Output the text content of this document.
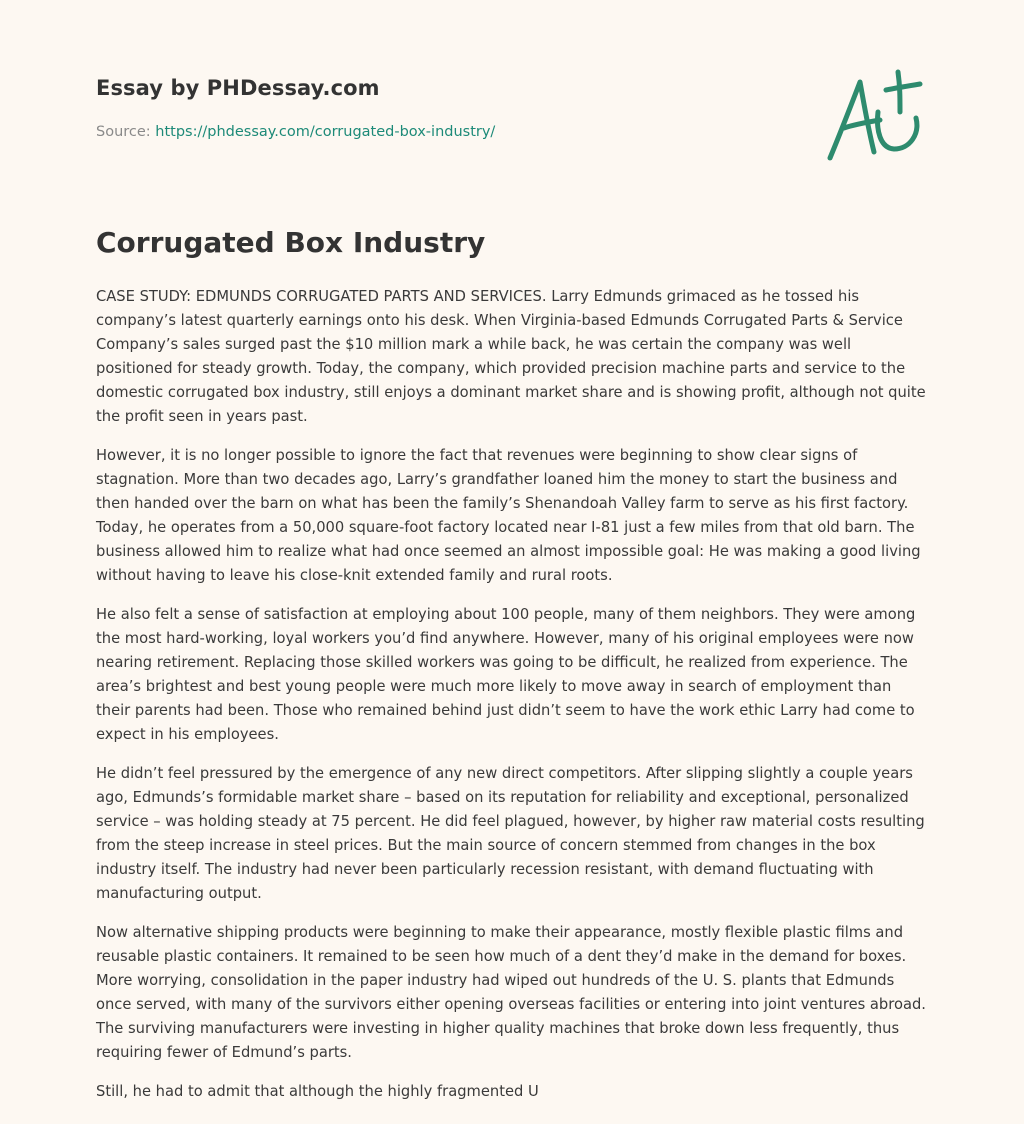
Essay by PHDessay.com
Source: https://phdessay.com/corrugated-box-industry/
Corrugated Box Industry

CASE STUDY: EDMUNDS CORRUGATED PARTS AND SERVICES. Larry Edmunds grimaced as he tossed his company’s latest quarterly earnings onto his desk. When Virginia-based Edmunds Corrugated Parts & Service Company’s sales surged past the $10 million mark a while back, he was certain the company was well positioned for steady growth. Today, the company, which provided precision machine parts and service to the domestic corrugated box industry, still enjoys a dominant market share and is showing profit, although not quite the profit seen in years past.

However, it is no longer possible to ignore the fact that revenues were beginning to show clear signs of stagnation. More than two decades ago, Larry’s grandfather loaned him the money to start the business and then handed over the barn on what has been the family’s Shenandoah Valley farm to serve as his first factory. Today, he operates from a 50,000 square-foot factory located near I-81 just a few miles from that old barn. The business allowed him to realize what had once seemed an almost impossible goal: He was making a good living without having to leave his close-knit extended family and rural roots.

He also felt a sense of satisfaction at employing about 100 people, many of them neighbors. They were among the most hard-working, loyal workers you’d find anywhere. However, many of his original employees were now nearing retirement. Replacing those skilled workers was going to be difficult, he realized from experience. The area’s brightest and best young people were much more likely to move away in search of employment than their parents had been. Those who remained behind just didn’t seem to have the work ethic Larry had come to expect in his employees.

He didn’t feel pressured by the emergence of any new direct competitors. After slipping slightly a couple years ago, Edmunds’s formidable market share – based on its reputation for reliability and exceptional, personalized service – was holding steady at 75 percent. He did feel plagued, however, by higher raw material costs resulting from the steep increase in steel prices. But the main source of concern stemmed from changes in the box industry itself. The industry had never been particularly recession resistant, with demand fluctuating with manufacturing output.

Now alternative shipping products were beginning to make their appearance, mostly flexible plastic films and reusable plastic containers. It remained to be seen how much of a dent they’d make in the demand for boxes. More worrying, consolidation in the paper industry had wiped out hundreds of the U. S. plants that Edmunds once served, with many of the survivors either opening overseas facilities or entering into joint ventures abroad. The surviving manufacturers were investing in higher quality machines that broke down less frequently, thus requiring fewer of Edmund’s parts.

Still, he had to admit that although the highly fragmented U
